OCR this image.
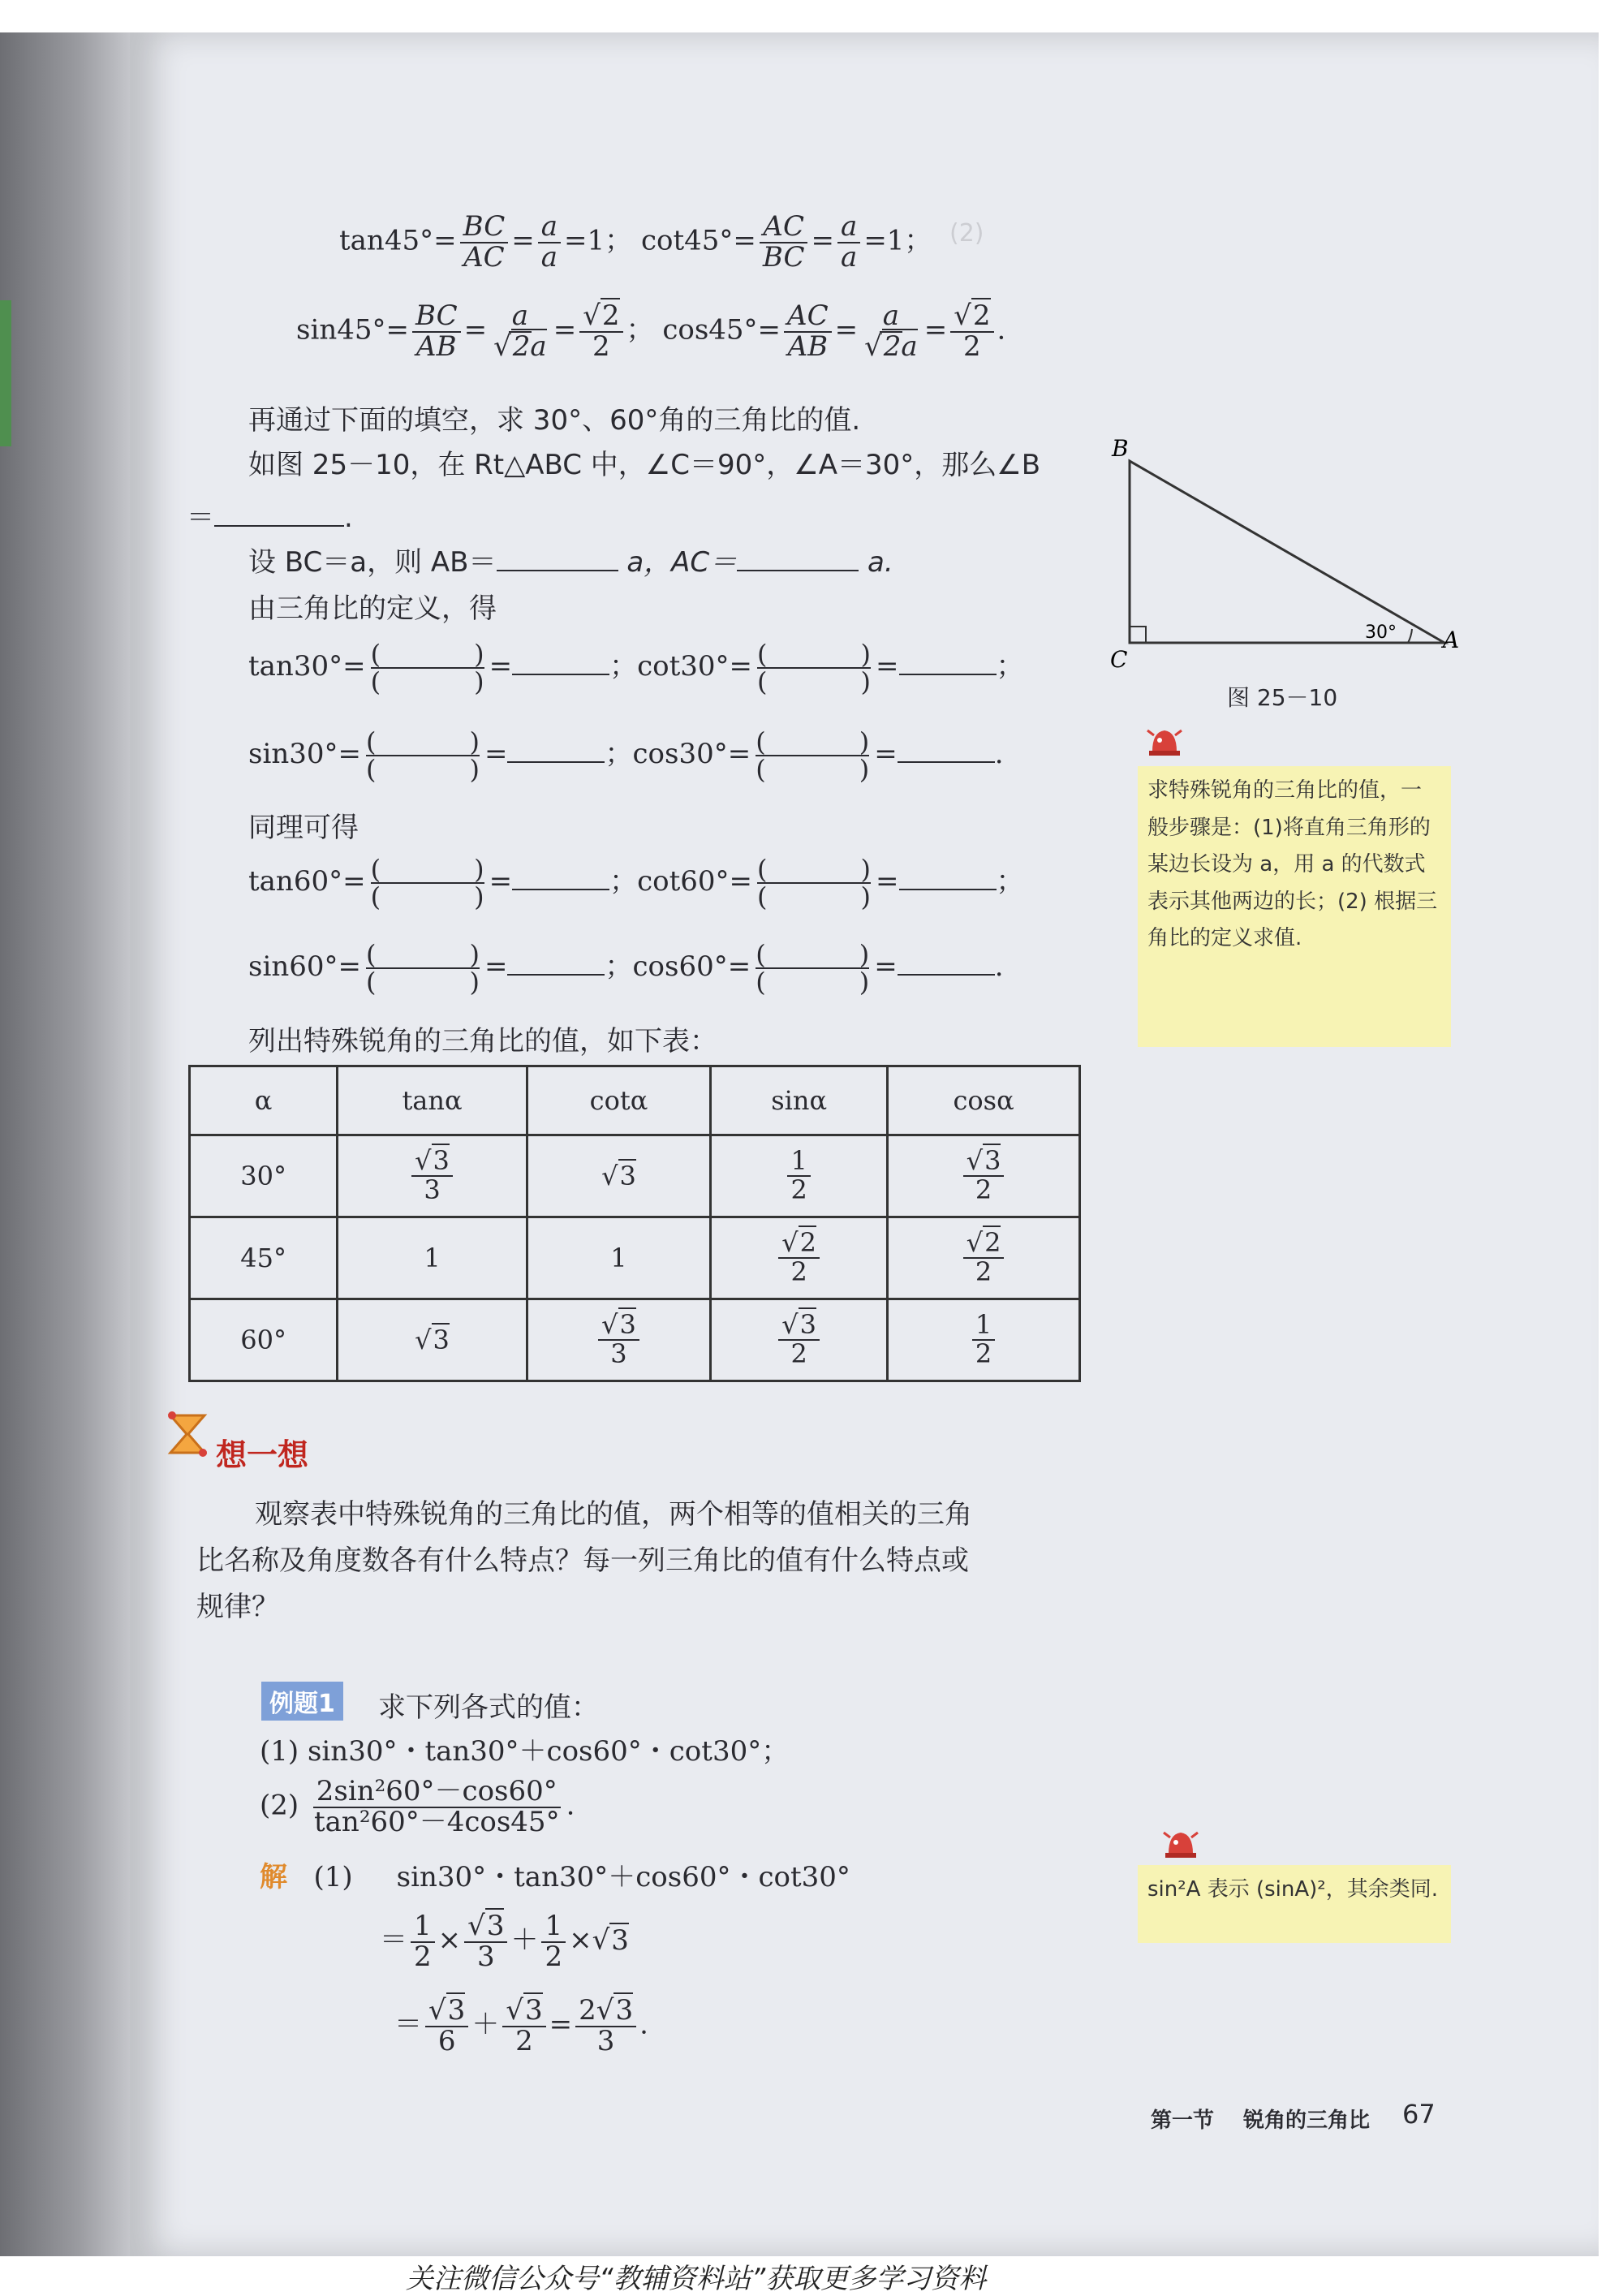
(2)
$\tan 45^\circ= \frac{BC}{AC} = \frac{a}{a} =1$； $\cot 45^\circ= \frac{AC}{BC} = \frac{a}{a} =1$；
$\sin 45^\circ= \frac{BC}{AB} = \frac{a}{√2a} = \frac{√2}{2}$ ； $\cos 45^\circ= \frac{AC}{AB} = \frac{a}{√2a} = \frac{√2}{2}$ .
再通过下面的填空，求 30°、60°角的三角比的值.
如图 25－10，在 Rt△ABC 中，∠C＝90°，∠A＝30°，那么∠B
＝	.
设 BC＝a，则 AB＝	a，AC＝	a.
由三角比的定义，得
tan30°= (	)
(	) =	；cot30°= (	)
(	) =	；
sin30°= (	)
(	) =	；cos30°= (	)
(	) =	.
同理可得
tan60°= (	)
(	) =	；cot60°= (	)
(	) =	；
sin60°= (	)
(	) =	；cos60°= (	)
(	) =	.
B
C
A
30°
图 25－10
求特殊锐角的三角比的值，一般步骤是：(1)将直角三角形的某边长设为 a，用 a 的代数式表示其他两边的长；(2) 根据三角比的定义求值.
列出特殊锐角的三角比的值，如下表：
α	tanα	cotα	sinα	cosα
30°	$\frac{√3}{3}$	√3	$\frac{1}{2}$	$\frac{√3}{2}$

45°	1	1	$\frac{√2}{2}$	$\frac{√2}{2}$

60°	√3	$\frac{√3}{3}$	$\frac{√3}{2}$	$\frac{1}{2}$
想一想
观察表中特殊锐角的三角比的值，两个相等的值相关的三角
比名称及角度数各有什么特点？每一列三角比的值有什么特点或
规律？
例题1 求下列各式的值：
(1) sin30°・tan30°＋cos60°・cot30°；
$(2) \frac{\text{2sin²60°－cos60°}}{\text{tan²60°－4cos45°}}$ .
解 (1) sin30°・tan30°＋cos60°・cot30°
＝ $\frac{1}{2} \times \frac{√3}{3} + \frac{1}{2} \times√3$
＝ $\frac{√3}{6} + \frac{√3}{2} = \frac{2√3}{3}$ .
sin²A 表示 (sinA)²，其余类同.
第一节 锐角的三角比 67
关注微信公众号“教辅资料站”获取更多学习资料
